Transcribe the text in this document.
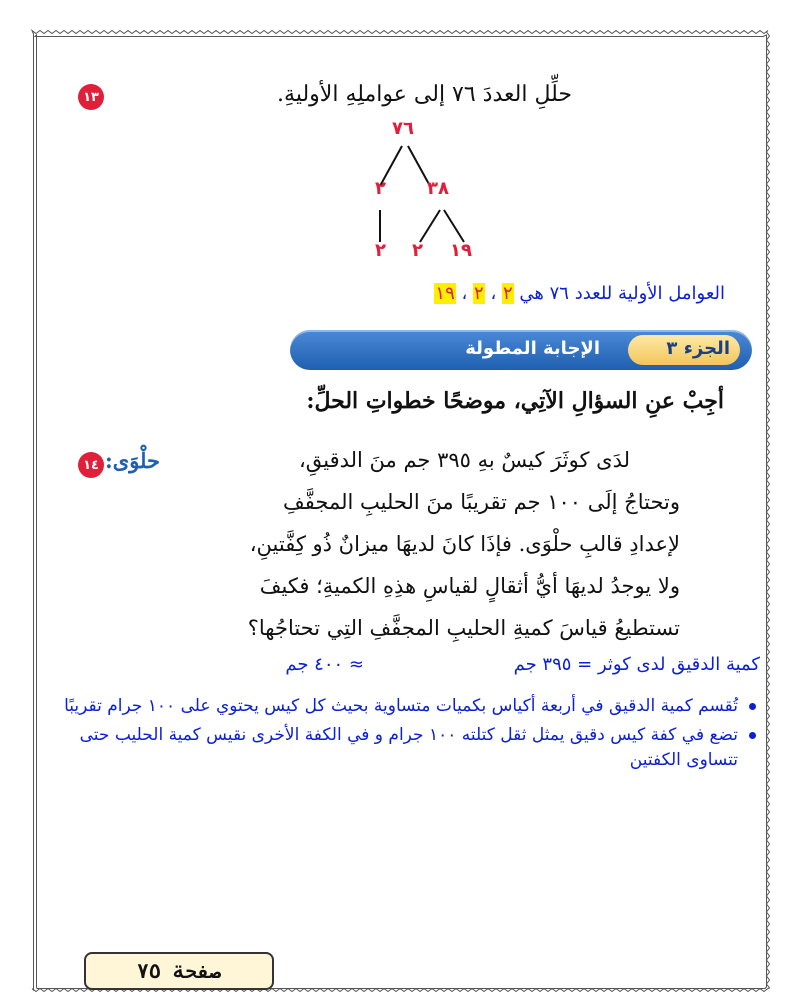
١٣	حلِّلِ العددَ ٧٦ إلى عواملِهِ الأوليةِ.
٧٦
٢ ٣٨
٢ ٢ ١٩
العوامل الأولية للعدد ٧٦ هي ٢ ، ٢ ، ١٩
الجزء ٣
الإجابة المطولة
أجِبْ عنِ السؤالِ الآتِي، موضحًا خطواتِ الحلِّ:
١٤ حلْوَى:	لدَى كوثَرَ كيسٌ بهِ ٣٩٥ جم منَ الدقيقِ،
وتحتاجُ إلَى ١٠٠ جم تقريبًا منَ الحليبِ المجفَّفِ
لإعدادِ قالبِ حلْوَى. فإذَا كانَ لديهَا ميزانٌ ذُو كِفَّتينِ،
ولا يوجدُ لديهَا أيُّ أثقالٍ لقياسِ هذِهِ الكميةِ؛ فكيفَ
تستطيعُ قياسَ كميةِ الحليبِ المجفَّفِ التِي تحتاجُها؟
كمية الدقيق لدى كوثر = ٣٩٥ جم
≈ ٤٠٠ جم
تُقسم كمية الدقيق في أربعة أكياس بكميات متساوية بحيث كل كيس يحتوي على ١٠٠ جرام تقريبًا
تضع في كفة كيس دقيق يمثل ثقل كتلته ١٠٠ جرام و في الكفة الأخرى نقيس كمية الحليب حتى تتساوى الكفتين
صفحة ٧٥
